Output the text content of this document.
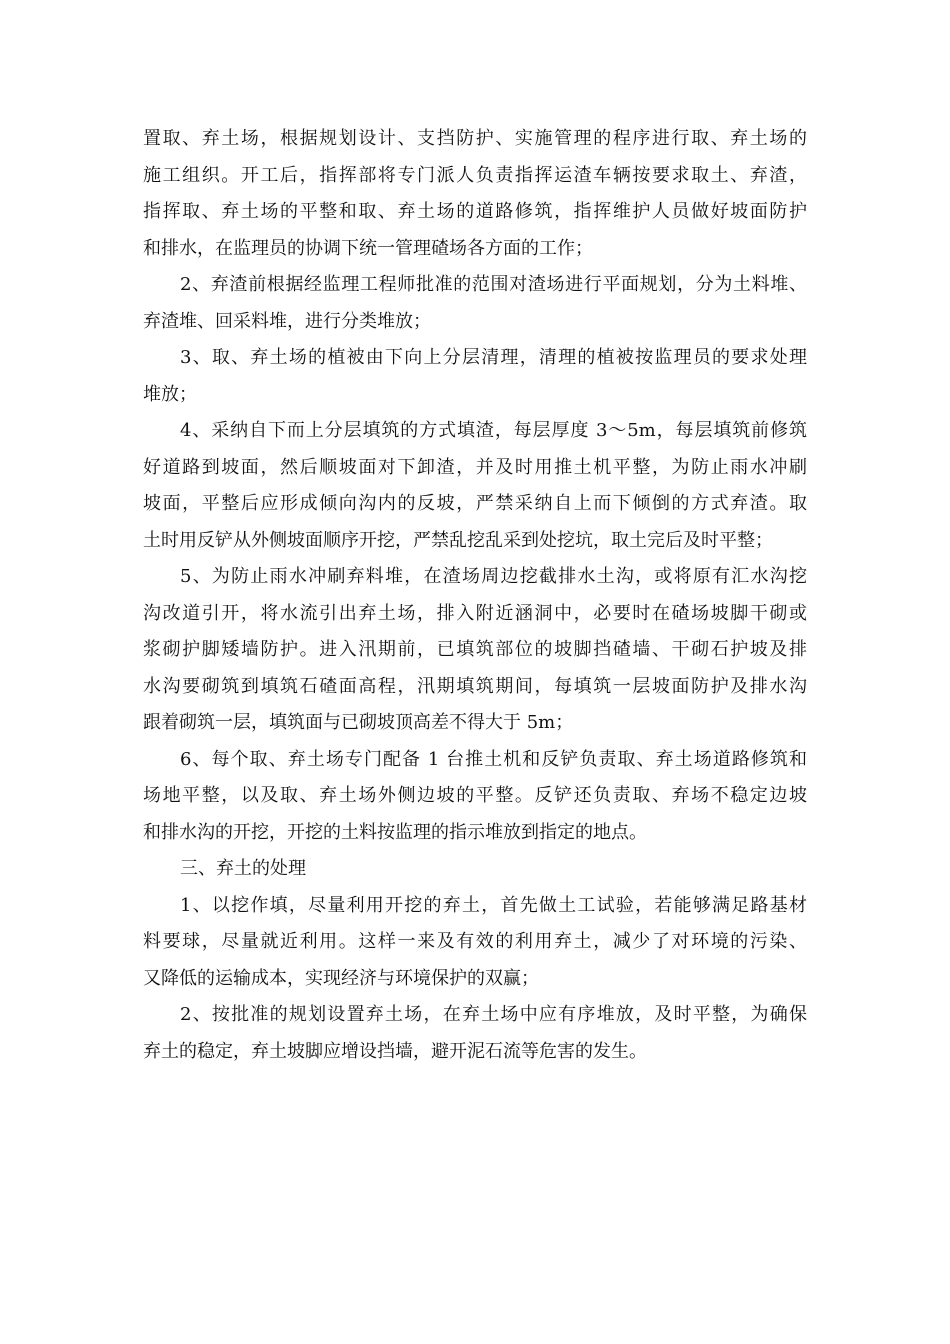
置取、弃土场，根据规划设计、支挡防护、实施管理的程序进行取、弃土场的
施工组织。开工后，指挥部将专门派人负责指挥运渣车辆按要求取土、弃渣，
指挥取、弃土场的平整和取、弃土场的道路修筑，指挥维护人员做好坡面防护
和排水，在监理员的协调下统一管理碴场各方面的工作；

2、弃渣前根据经监理工程师批准的范围对渣场进行平面规划，分为土料堆、
弃渣堆、回采料堆，进行分类堆放；

3、取、弃土场的植被由下向上分层清理，清理的植被按监理员的要求处理
堆放；

4、采纳自下而上分层填筑的方式填渣，每层厚度 3～5m，每层填筑前修筑
好道路到坡面，然后顺坡面对下卸渣，并及时用推土机平整，为防止雨水冲刷
坡面，平整后应形成倾向沟内的反坡，严禁采纳自上而下倾倒的方式弃渣。取
土时用反铲从外侧坡面顺序开挖，严禁乱挖乱采到处挖坑，取土完后及时平整；

5、为防止雨水冲刷弃料堆，在渣场周边挖截排水土沟，或将原有汇水沟挖
沟改道引开，将水流引出弃土场，排入附近涵洞中，必要时在碴场坡脚干砌或
浆砌护脚矮墙防护。进入汛期前，已填筑部位的坡脚挡碴墙、干砌石护坡及排
水沟要砌筑到填筑石碴面高程，汛期填筑期间，每填筑一层坡面防护及排水沟
跟着砌筑一层，填筑面与已砌坡顶高差不得大于 5m；

6、每个取、弃土场专门配备 1 台推土机和反铲负责取、弃土场道路修筑和
场地平整，以及取、弃土场外侧边坡的平整。反铲还负责取、弃场不稳定边坡
和排水沟的开挖，开挖的土料按监理的指示堆放到指定的地点。

三、弃土的处理

1、以挖作填，尽量利用开挖的弃土，首先做土工试验，若能够满足路基材
料要球，尽量就近利用。这样一来及有效的利用弃土，减少了对环境的污染、
又降低的运输成本，实现经济与环境保护的双赢；

2、按批准的规划设置弃土场，在弃土场中应有序堆放，及时平整，为确保
弃土的稳定，弃土坡脚应增设挡墙，避开泥石流等危害的发生。
